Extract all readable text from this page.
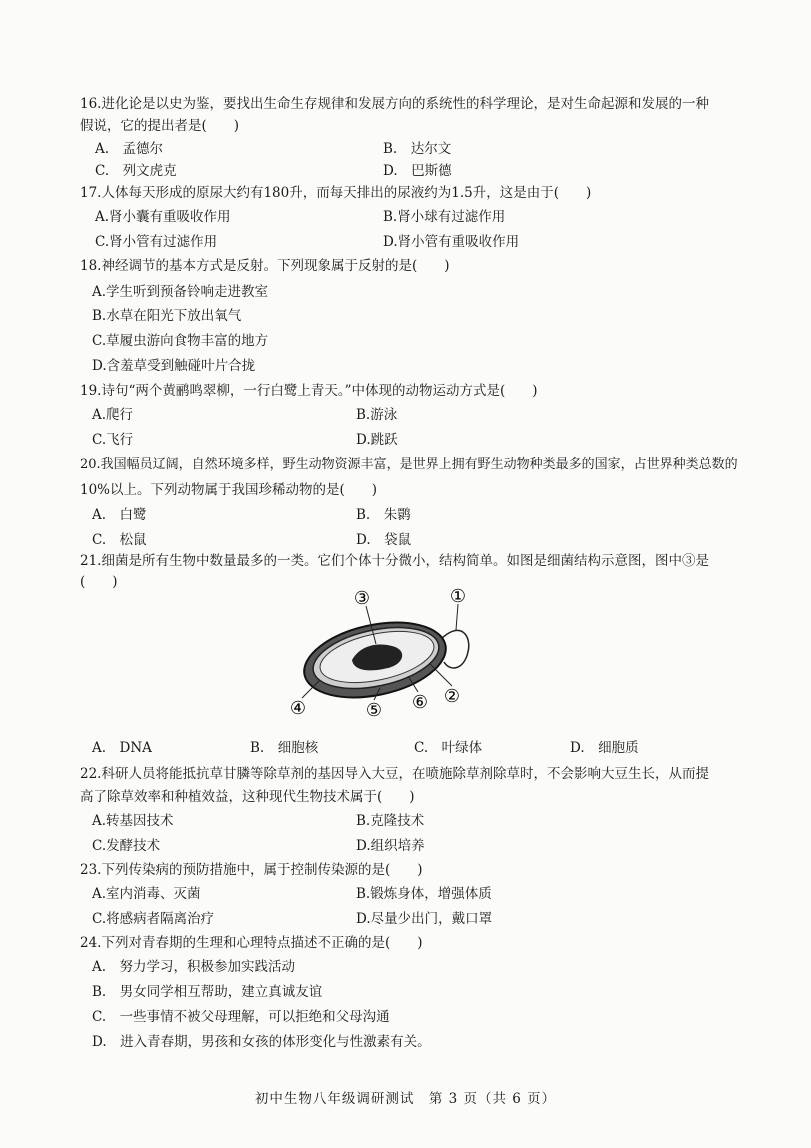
16.进化论是以史为鉴，要找出生命生存规律和发展方向的系统性的科学理论，是对生命起源和发展的一种
假说，它的提出者是(　　)
A.　孟德尔	B.　达尔文
C.　列文虎克	D.　巴斯德
17.人体每天形成的原尿大约有180升，而每天排出的尿液约为1.5升，这是由于(　　)
A.肾小囊有重吸收作用	B.肾小球有过滤作用
C.肾小管有过滤作用	D.肾小管有重吸收作用
18.神经调节的基本方式是反射。下列现象属于反射的是(　　)
A.学生听到预备铃响走进教室
B.水草在阳光下放出氧气
C.草履虫游向食物丰富的地方
D.含羞草受到触碰叶片合拢
19.诗句“两个黄鹂鸣翠柳，一行白鹭上青天。”中体现的动物运动方式是(　　)
A.爬行	B.游泳
C.飞行	D.跳跃
20.我国幅员辽阔，自然环境多样，野生动物资源丰富，是世界上拥有野生动物种类最多的国家，占世界种类总数的
10%以上。下列动物属于我国珍稀动物的是(　　)
A.　白鹭	B.　朱鹮
C.　松鼠	D.　袋鼠
21.细菌是所有生物中数量最多的一类。它们个体十分微小，结构简单。如图是细菌结构示意图，图中③是
(　　)
①
②
③
④	⑤ ⑥
A.　DNA	B.　细胞核	C.　叶绿体	D.　细胞质
22.科研人员将能抵抗草甘膦等除草剂的基因导入大豆，在喷施除草剂除草时，不会影响大豆生长，从而提
高了除草效率和种植效益，这种现代生物技术属于(　　)
A.转基因技术	B.克隆技术
C.发酵技术	D.组织培养
23.下列传染病的预防措施中，属于控制传染源的是(　　)
A.室内消毒、灭菌	B.锻炼身体，增强体质
C.将感病者隔离治疗	D.尽量少出门，戴口罩
24.下列对青春期的生理和心理特点描述不正确的是(　　)
A.　努力学习，积极参加实践活动
B.　男女同学相互帮助，建立真诚友谊
C.　一些事情不被父母理解，可以拒绝和父母沟通
D.　进入青春期，男孩和女孩的体形变化与性激素有关。
初中生物八年级调研测试　第 3 页（共 6 页）
